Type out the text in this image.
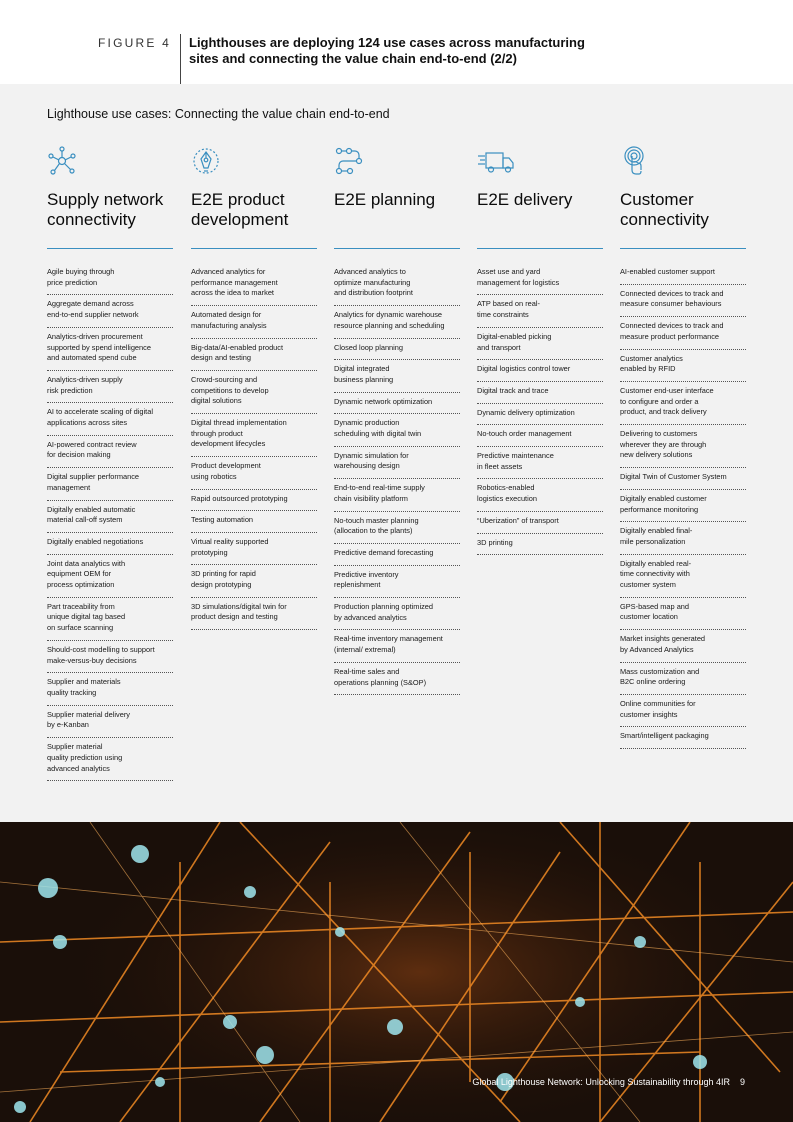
FIGURE 4 Lighthouses are deploying 124 use cases across manufacturing sites and connecting the value chain end-to-end (2/2)
Lighthouse use cases: Connecting the value chain end-to-end
Supply network connectivity
Agile buying through
price prediction
Aggregate demand across
end-to-end supplier network
Analytics-driven procurement
supported by spend intelligence
and automated spend cube
Analytics-driven supply
risk prediction
AI to accelerate scaling of digital
applications across sites
AI-powered contract review
for decision making
Digital supplier performance
management
Digitally enabled automatic
material call-off system
Digitally enabled negotiations
Joint data analytics with
equipment OEM for
process optimization
Part traceability from
unique digital tag based
on surface scanning
Should-cost modelling to support
make-versus-buy decisions
Supplier and materials
quality tracking
Supplier material delivery
by e-Kanban
Supplier material
quality prediction using
advanced analytics
E2E product development
Advanced analytics for
performance management
across the idea to market
Automated design for
manufacturing analysis
Big-data/AI-enabled product
design and testing
Crowd-sourcing and
competitions to develop
digital solutions
Digital thread implementation
through product
development lifecycles
Product development
using robotics
Rapid outsourced prototyping
Testing automation
Virtual reality supported
prototyping
3D printing for rapid
design prototyping
3D simulations/digital twin for
product design and testing
E2E planning
Advanced analytics to
optimize manufacturing
and distribution footprint
Analytics for dynamic warehouse
resource planning and scheduling
Closed loop planning
Digital integrated
business planning
Dynamic network optimization
Dynamic production
scheduling with digital twin
Dynamic simulation for
warehousing design
End-to-end real-time supply
chain visibility platform
No-touch master planning
(allocation to the plants)
Predictive demand forecasting
Predictive inventory
replenishment
Production planning optimized
by advanced analytics
Real-time inventory management
(internal/ extremal)
Real-time sales and
operations planning (S&OP)
E2E delivery
Asset use and yard
management for logistics
ATP based on real-
time constraints
Digital-enabled picking
and transport
Digital logistics control tower
Digital track and trace
Dynamic delivery optimization
No-touch order management
Predictive maintenance
in fleet assets
Robotics-enabled
logistics execution
“Uberization” of transport
3D printing
Customer connectivity
AI-enabled customer support
Connected devices to track and
measure consumer behaviours
Connected devices to track and
measure product performance
Customer analytics
enabled by RFID
Customer end-user interface
to configure and order a
product, and track delivery
Delivering to customers
wherever they are through
new delivery solutions
Digital Twin of Customer System
Digitally enabled customer
performance monitoring
Digitally enabled final-
mile personalization
Digitally enabled real-
time connectivity with
customer system
GPS-based map and
customer location
Market insights generated
by Advanced Analytics
Mass customization and
B2C online ordering
Online communities for
customer insights
Smart/intelligent packaging
Global Lighthouse Network: Unlocking Sustainability through 4IR 9
